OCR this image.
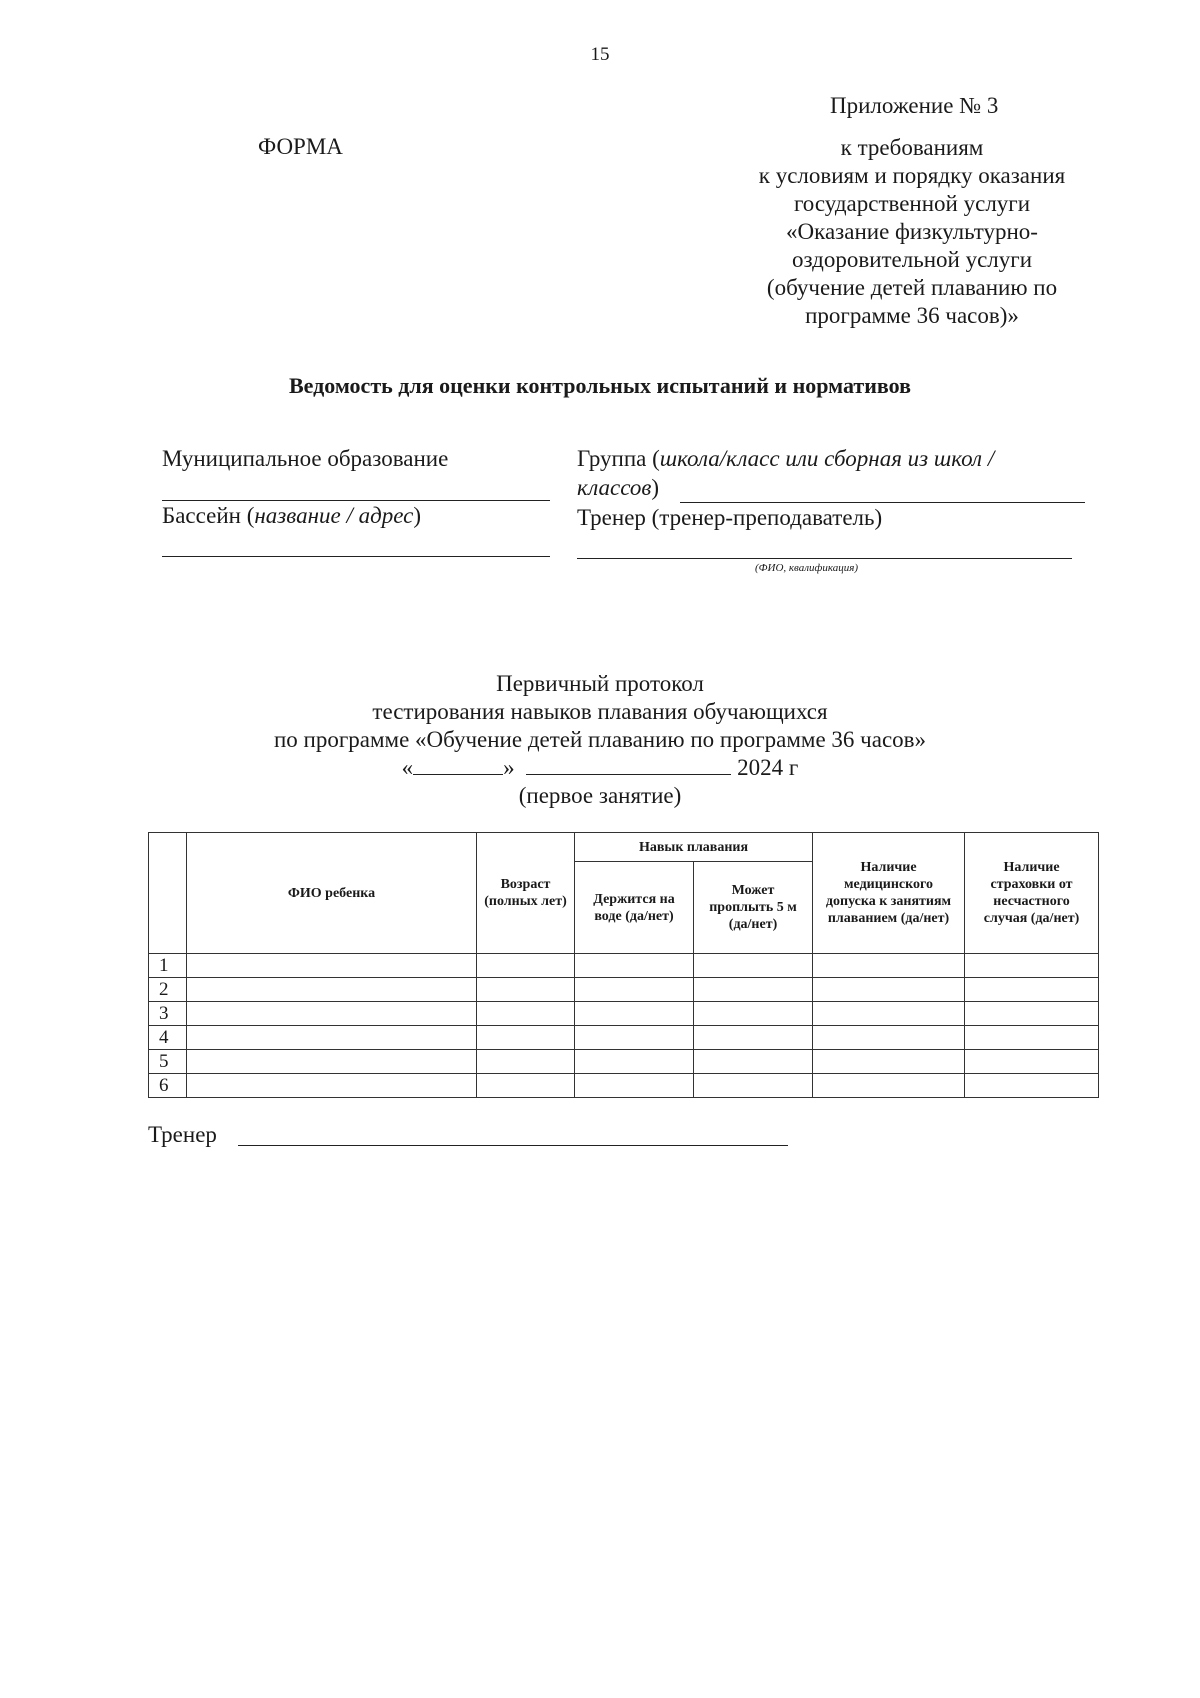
15
Приложение № 3
ФОРМА	к требованиям
к условиям и порядку оказания
государственной услуги
«Оказание физкультурно-
оздоровительной услуги
(обучение детей плаванию по
программе 36 часов)»
Ведомость для оценки контрольных испытаний и нормативов
Муниципальное образование
Бассейн (название / адрес)
Группа (школа/класс или сборная из школ /
классов)
Тренер (тренер-преподаватель)
(ФИО, квалификация)
Первичный протокол
тестирования навыков плавания обучающихся
по программе «Обучение детей плаванию по программе 36 часов»
«	»	2024 г
(первое занятие)
	ФИО ребенка	Возраст (полных лет)	Навык плавания		Наличие медицинского допуска к занятиям плаванием (да/нет)	Наличие страховки от несчастного случая (да/нет)
			Держится на воде (да/нет)	Может проплыть 5 м (да/нет)		
1						
2						
3						
4						
5						
6						
Тренер
